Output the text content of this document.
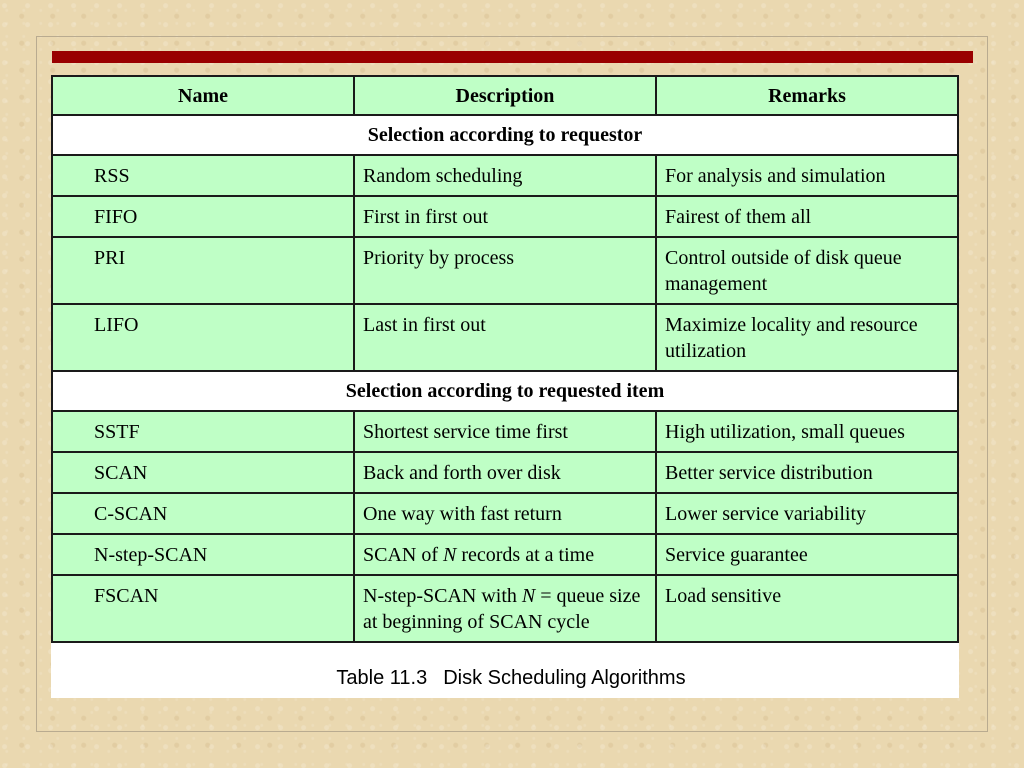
Name	Description	Remarks
Selection according to requestor		
RSS	Random scheduling	For analysis and simulation
FIFO	First in first out	Fairest of them all
PRI	Priority by process	Control outside of disk queue management
LIFO	Last in first out	Maximize locality and resource utilization
Selection according to requested item		
SSTF	Shortest service time first	High utilization, small queues
SCAN	Back and forth over disk	Better service distribution
C-SCAN	One way with fast return	Lower service variability
N-step-SCAN	SCAN of N records at a time	Service guarantee
FSCAN	N-step-SCAN with N = queue size at beginning of SCAN cycle	Load sensitive
Table 11.3 Disk Scheduling Algorithms
